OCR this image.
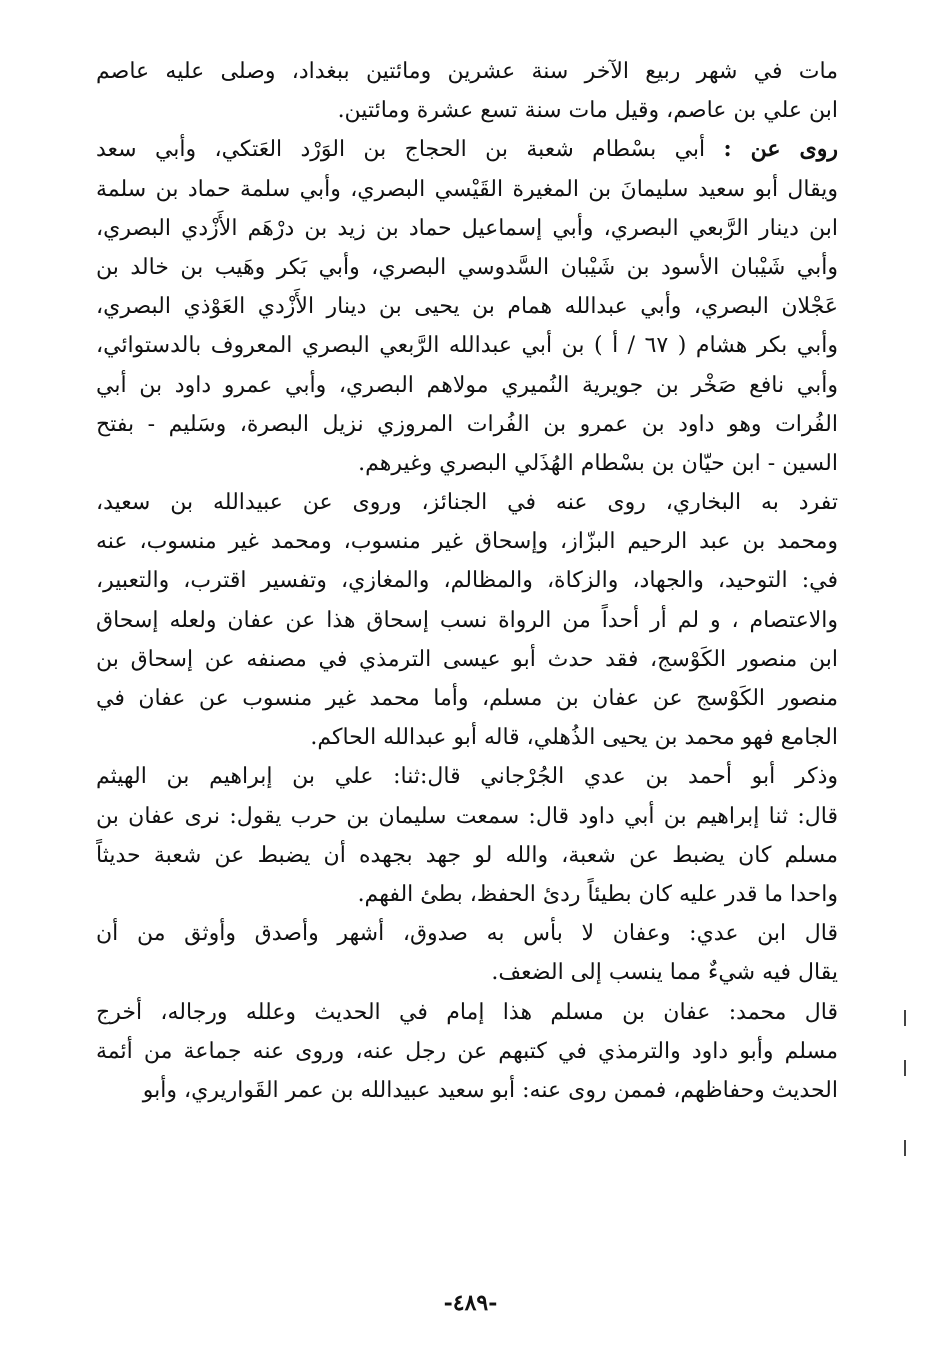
مات في شهر ربيع الآخر سنة عشرين ومائتين ببغداد، وصلى عليه عاصم
ابن علي بن عاصم، وقيل مات سنة تسع عشرة ومائتين.
روى عن : أبي بسْطام شعبة بن الحجاج بن الوَرْد العَتكي، وأبي سعد
ويقال أبو سعيد سليمانَ بن المغيرة القَيْسي البصري، وأبي سلمة حماد بن سلمة
ابن دينار الرَّبعي البصري، وأبي إسماعيل حماد بن زيد بن درْهَم الأَزْدي البصري،
وأبي شَيْبان الأسود بن شَيْبان السَّدوسي البصري، وأبي بَكر وهَيب بن خالد بن
عَجْلان البصري، وأبي عبدالله همام بن يحيى بن دينار الأَزْدي العَوْذي البصري،
وأبي بكر هشام ( ٦٧ / أ ) بن أبي عبدالله الرَّبعي البصري المعروف بالدستوائي،
وأبي نافع صَخْر بن جويرية النُميري مولاهم البصري، وأبي عمرو داود بن أبي
الفُرات وهو داود بن عمرو بن الفُرات المروزي نزيل البصرة، وسَليم - بفتح
السين - ابن حيّان بن بسْطام الهُذَلي البصري وغيرهم.
تفرد به البخاري، روى عنه في الجنائز، وروى عن عبيدالله بن سعيد،
ومحمد بن عبد الرحيم البزّاز، وإسحاق غير منسوب، ومحمد غير منسوب، عنه
في: التوحيد، والجهاد، والزكاة، والمظالم، والمغازي، وتفسير اقترب، والتعبير،
والاعتصام ، و لم أر أحداً من الرواة نسب إسحاق هذا عن عفان ولعله إسحاق
ابن منصور الكَوْسج، فقد حدث أبو عيسى الترمذي في مصنفه عن إسحاق بن
منصور الكَوْسج عن عفان بن مسلم، وأما محمد غير منسوب عن عفان في
الجامع فهو محمد بن يحيى الذُهلي، قاله أبو عبدالله الحاكم.
وذكر أبو أحمد بن عدي الجُرْجاني قال:ثنا: علي بن إبراهيم بن الهيثم
قال: ثنا إبراهيم بن أبي داود قال: سمعت سليمان بن حرب يقول: نرى عفان بن
مسلم كان يضبط عن شعبة، والله لو جهد بجهده أن يضبط عن شعبة حديثاً
واحدا ما قدر عليه كان بطيئاً ردئ الحفظ، بطئ الفهم.
قال ابن عدي: وعفان لا بأس به صدوق، أشهر وأصدق وأوثق من أن
يقال فيه شيءٌ مما ينسب إلى الضعف.
قال محمد: عفان بن مسلم هذا إمام في الحديث وعلله ورجاله، أخرج
مسلم وأبو داود والترمذي في كتبهم عن رجل عنه، وروى عنه جماعة من أئمة
الحديث وحفاظهم، فممن روى عنه: أبو سعيد عبيدالله بن عمر القَواريري، وأبو
-٤٨٩-
